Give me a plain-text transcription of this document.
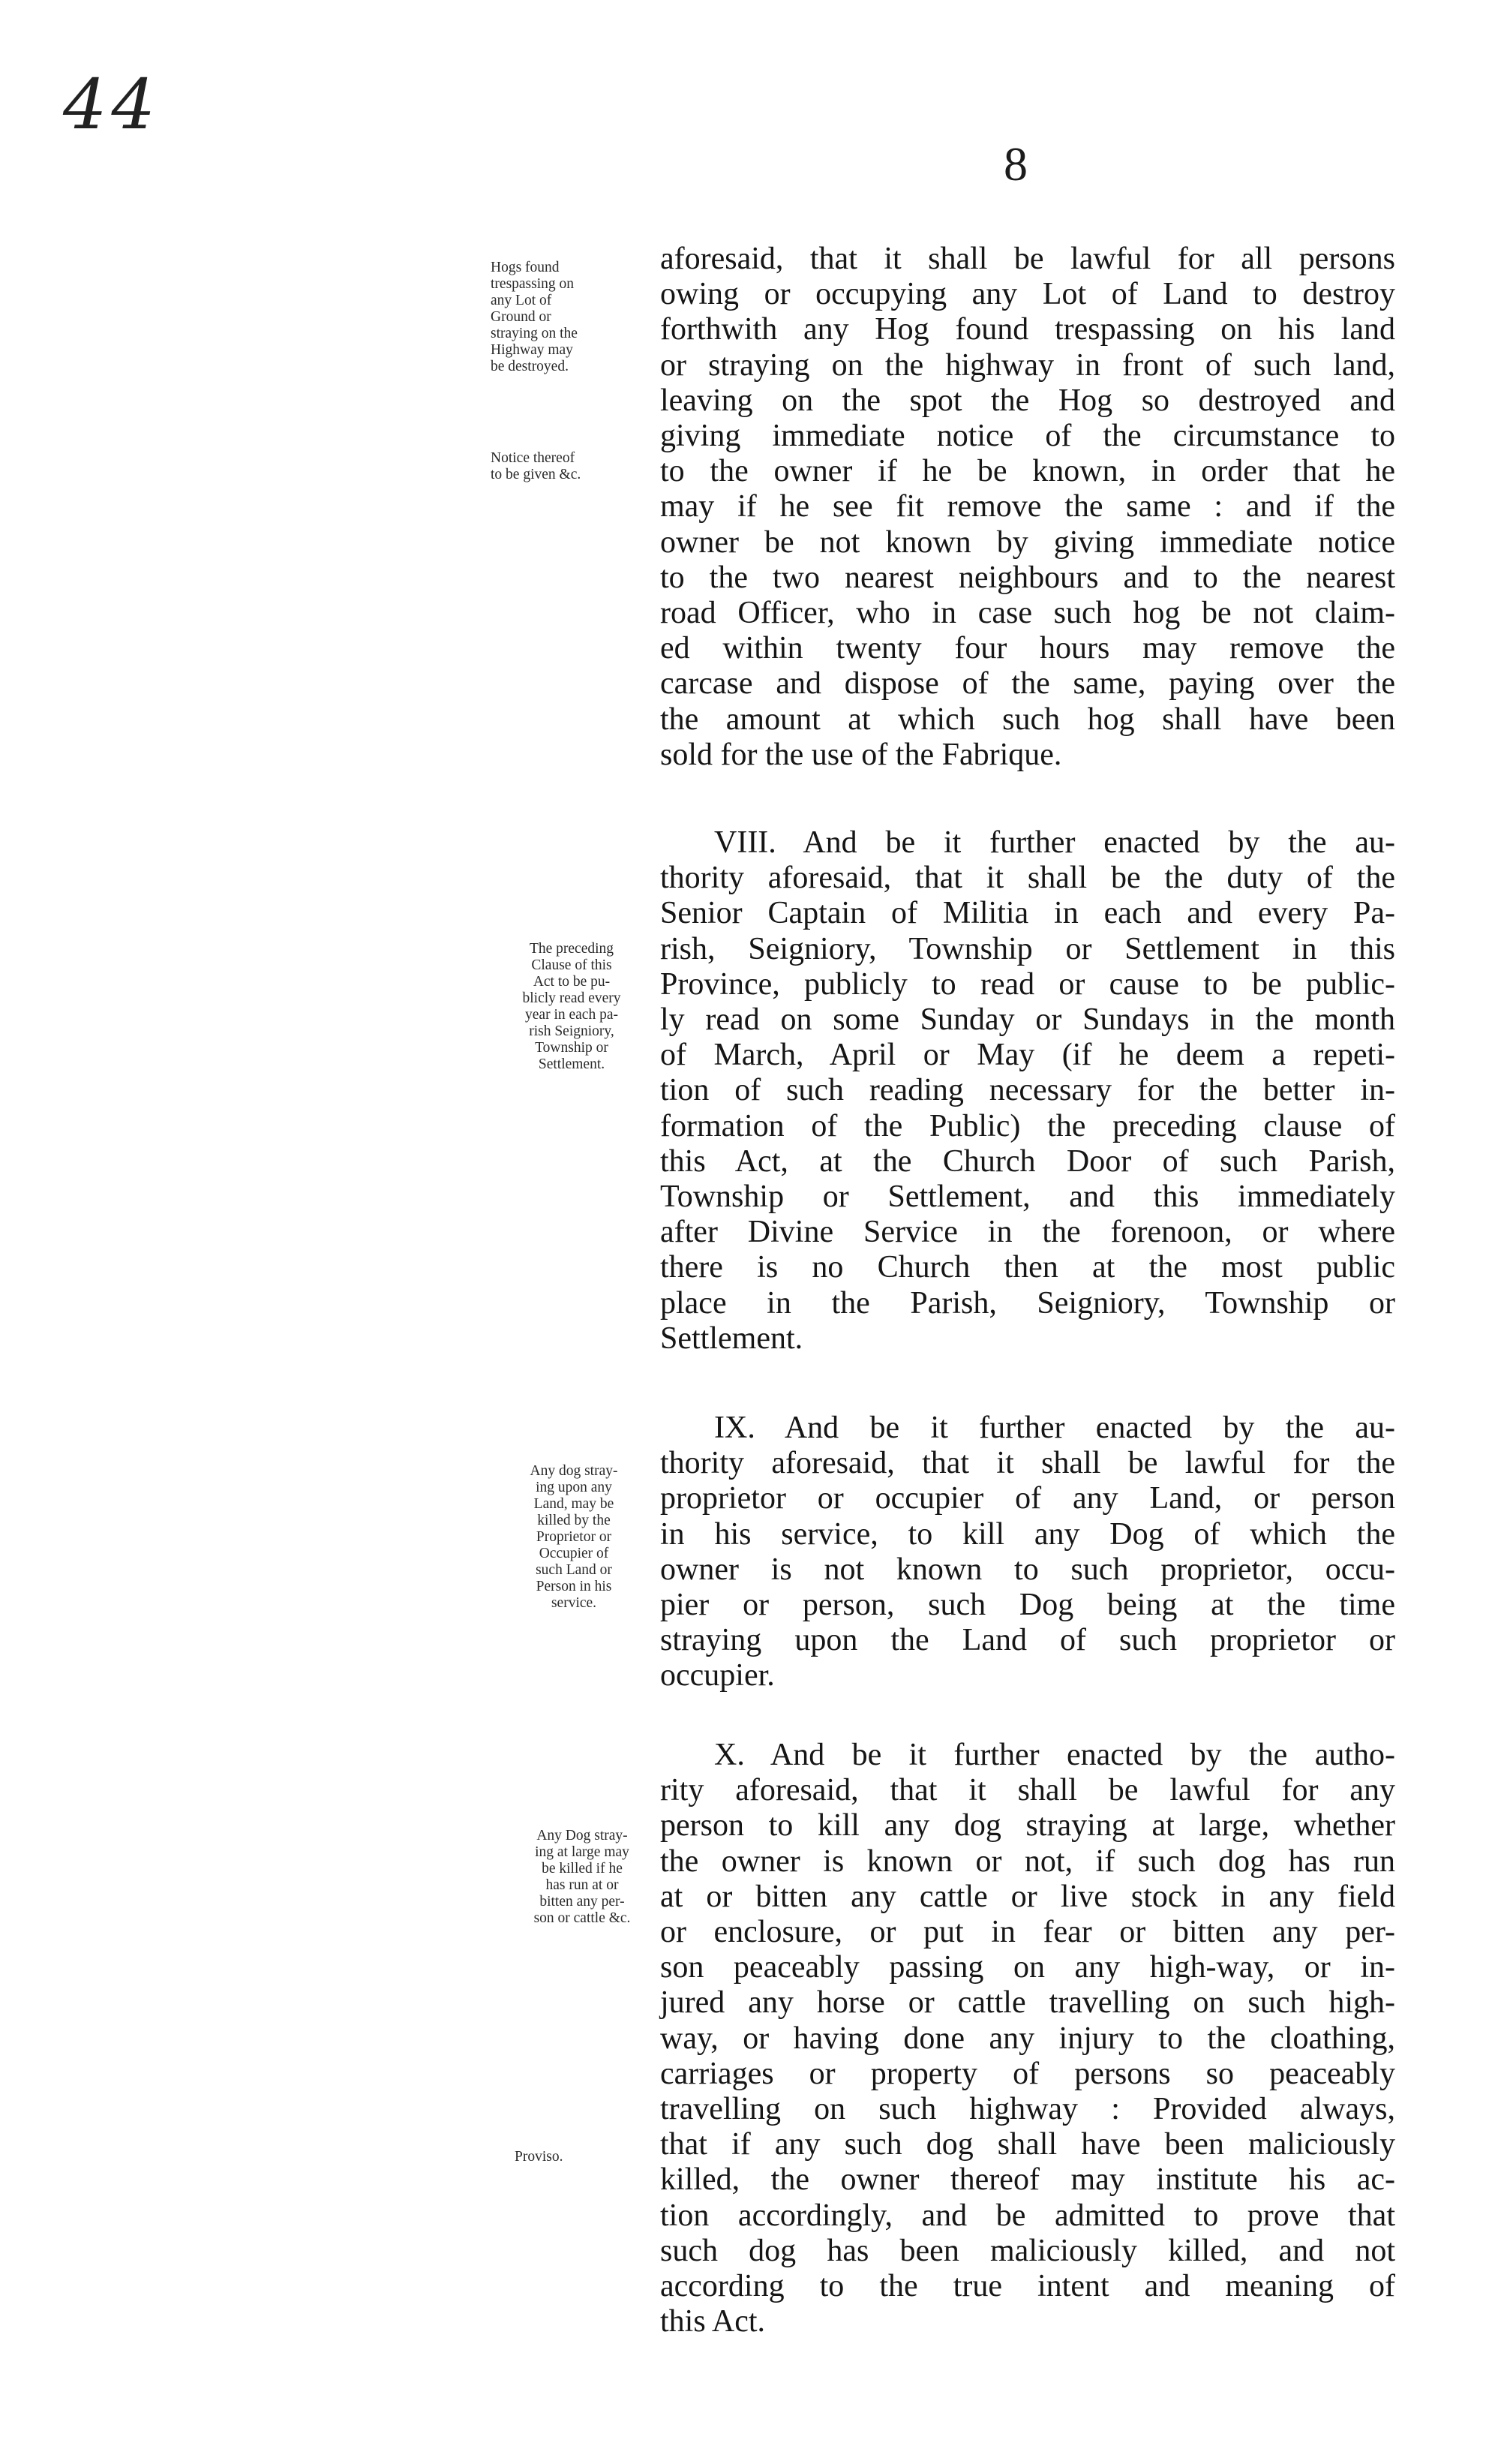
44
8

aforesaid, that it shall be lawful for all persons

owing or occupying any Lot of Land to destroy

forthwith any Hog found trespassing on his land

or straying on the highway in front of such land,

leaving on the spot the Hog so destroyed and

giving immediate notice of the circumstance to

to the owner if he be known, in order that he

may if he see fit remove the same : and if the

owner be not known by giving immediate notice

to the two nearest neighbours and to the nearest

road Officer, who in case such hog be not claim-

ed within twenty four hours may remove the

carcase and dispose of the same, paying over the

the amount at which such hog shall have been

sold for the use of the Fabrique.

VIII. And be it further enacted by the au-

thority aforesaid, that it shall be the duty of the

Senior Captain of Militia in each and every Pa-

rish, Seigniory, Township or Settlement in this

Province, publicly to read or cause to be public-

ly read on some Sunday or Sundays in the month

of March, April or May (if he deem a repeti-

tion of such reading necessary for the better in-

formation of the Public) the preceding clause of

this Act, at the Church Door of such Parish,

Township or Settlement, and this immediately

after Divine Service in the forenoon, or where

there is no Church then at the most public

place in the Parish, Seigniory, Township or

Settlement.

IX. And be it further enacted by the au-

thority aforesaid, that it shall be lawful for the

proprietor or occupier of any Land, or person

in his service, to kill any Dog of which the

owner is not known to such proprietor, occu-

pier or person, such Dog being at the time

straying upon the Land of such proprietor or

occupier.

X. And be it further enacted by the autho-

rity aforesaid, that it shall be lawful for any

person to kill any dog straying at large, whether

the owner is known or not, if such dog has run

at or bitten any cattle or live stock in any field

or enclosure, or put in fear or bitten any per-

son peaceably passing on any high-way, or in-

jured any horse or cattle travelling on such high-

way, or having done any injury to the cloathing,

carriages or property of persons so peaceably

travelling on such highway : Provided always,

that if any such dog shall have been maliciously

killed, the owner thereof may institute his ac-

tion accordingly, and be admitted to prove that

such dog has been maliciously killed, and not

according to the true intent and meaning of

this Act.

Hogs found
trespassing on
any Lot of
Ground or
straying on the
Highway may
be destroyed.
Notice thereof
to be given &c.
The preceding
Clause of this
Act to be pu-
blicly read every
year in each pa-
rish Seigniory,
Township or
Settlement.
Any dog stray-
ing upon any
Land, may be
killed by the
Proprietor or
Occupier of
such Land or
Person in his
service.
Any Dog stray-
ing at large may
be killed if he
has run at or
bitten any per-
son or cattle &c.
Proviso.
